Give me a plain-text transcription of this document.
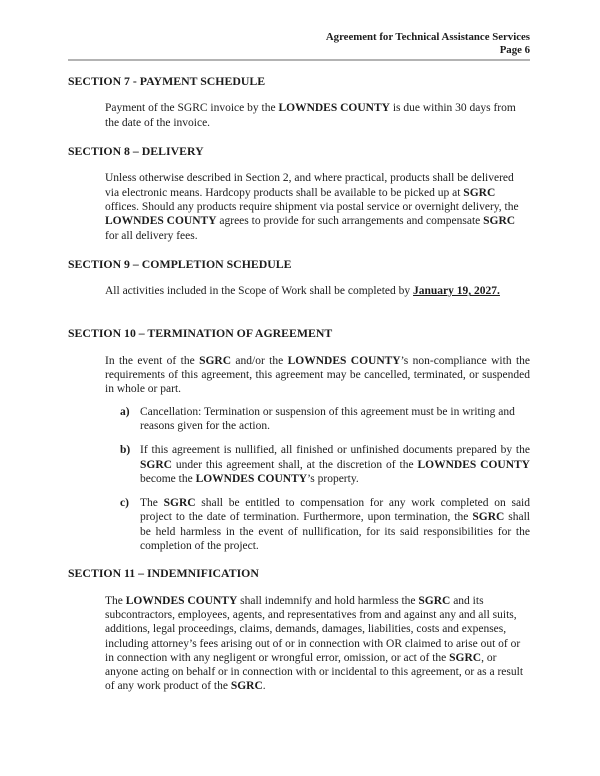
Agreement for Technical Assistance Services
Page 6
SECTION 7 - PAYMENT SCHEDULE

Payment of the SGRC invoice by the LOWNDES COUNTY is due within 30 days from the date of the invoice.

SECTION 8 – DELIVERY

Unless otherwise described in Section 2, and where practical, products shall be delivered via electronic means. Hardcopy products shall be available to be picked up at SGRC offices. Should any products require shipment via postal service or overnight delivery, the LOWNDES COUNTY agrees to provide for such arrangements and compensate SGRC for all delivery fees.

SECTION 9 – COMPLETION SCHEDULE

All activities included in the Scope of Work shall be completed by January 19, 2027.

SECTION 10 – TERMINATION OF AGREEMENT

In the event of the SGRC and/or the LOWNDES COUNTY’s non-compliance with the requirements of this agreement, this agreement may be cancelled, terminated, or suspended in whole or part.

a) Cancellation: Termination or suspension of this agreement must be in writing and reasons given for the action.
b) If this agreement is nullified, all finished or unfinished documents prepared by the SGRC under this agreement shall, at the discretion of the LOWNDES COUNTY become the LOWNDES COUNTY’s property.
c) The SGRC shall be entitled to compensation for any work completed on said project to the date of termination. Furthermore, upon termination, the SGRC shall be held harmless in the event of nullification, for its said responsibilities for the completion of the project.
SECTION 11 – INDEMNIFICATION

The LOWNDES COUNTY shall indemnify and hold harmless the SGRC and its subcontractors, employees, agents, and representatives from and against any and all suits, additions, legal proceedings, claims, demands, damages, liabilities, costs and expenses, including attorney’s fees arising out of or in connection with OR claimed to arise out of or in connection with any negligent or wrongful error, omission, or act of the SGRC, or anyone acting on behalf or in connection with or incidental to this agreement, or as a result of any work product of the SGRC.
